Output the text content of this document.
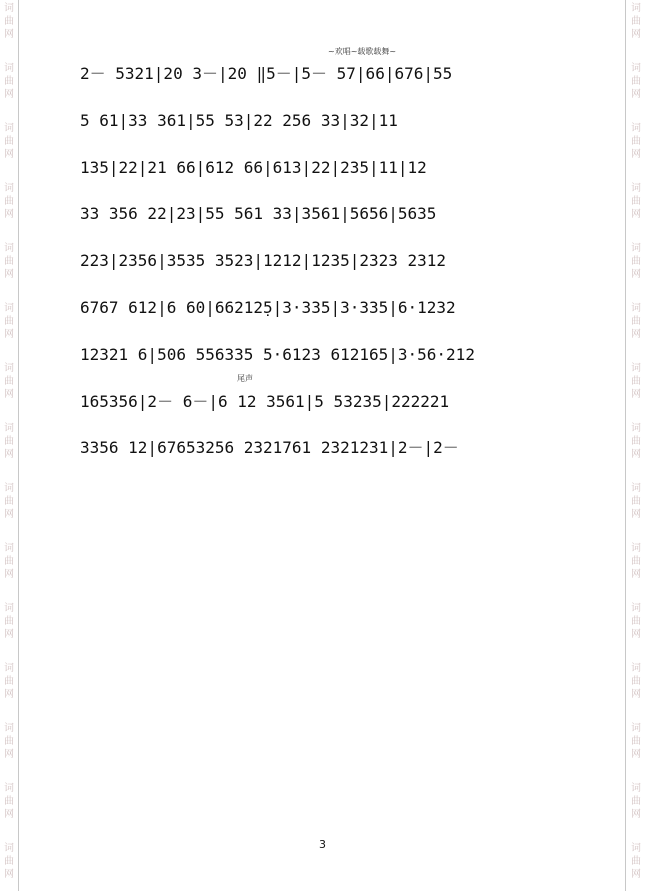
词
曲
网
词
曲
网
词
曲
网
词
曲
网
词
曲
网
词
曲
网
词
曲
网
词
曲
网
词
曲
网
词
曲
网
词
曲
网
词
曲
网
词
曲
网
词
曲
网
词
曲
网
词
曲
网
词
曲
网
词
曲
网
词
曲
网
词
曲
网
词
曲
网
词
曲
网
词
曲
网
词
曲
网
词
曲
网
词
曲
网
词
曲
网
词
曲
网
词
曲
网
词
曲
网
~欢唱~载歌载舞~
尾声
2－ 5321|20 3－|20 ‖5－|5－ 57|66|676|55
5 61|33 361|55 53|22 256 33|32|11
135|22|21 66|612 66|613|22|235|11|12
33 356 22|23|55 561 33|3561|5656|5635
223|2356|3535 3523|1212|1235|2323 2312
6767 612|6 60|66212̣5|3·335|3·335|6·1232
12321 6|506 556335 5·6123 612165|3·56·212
165356|2－ 6－|6 12 3561|5 53235|222221
3356 12|67653256 2321761 2321231|2－|2－
3
